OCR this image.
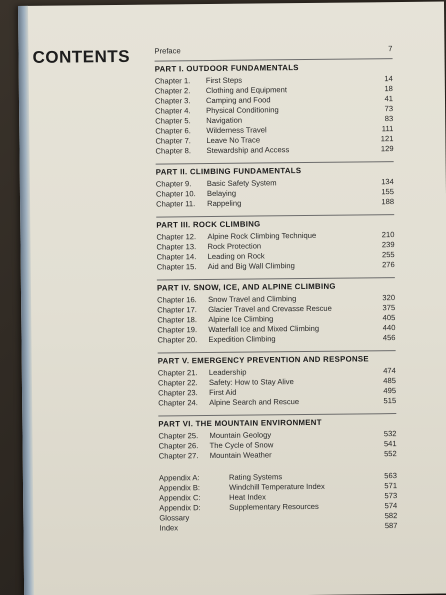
CONTENTS	Preface	7
PART I. OUTDOOR FUNDAMENTALS
Chapter 1.	First Steps	14
Chapter 2.	Clothing and Equipment	18
Chapter 3.	Camping and Food	41
Chapter 4.	Physical Conditioning	73
Chapter 5.	Navigation	83
Chapter 6.	Wilderness Travel	111
Chapter 7.	Leave No Trace	121
Chapter 8.	Stewardship and Access	129
PART II. CLIMBING FUNDAMENTALS
Chapter 9.	Basic Safety System	134
Chapter 10.	Belaying	155
Chapter 11.	Rappeling	188
PART III. ROCK CLIMBING
Chapter 12.	Alpine Rock Climbing Technique	210
Chapter 13.	Rock Protection	239
Chapter 14.	Leading on Rock	255
Chapter 15.	Aid and Big Wall Climbing	276
PART IV. SNOW, ICE, AND ALPINE CLIMBING
Chapter 16.	Snow Travel and Climbing	320
Chapter 17.	Glacier Travel and Crevasse Rescue	375
Chapter 18.	Alpine Ice Climbing	405
Chapter 19.	Waterfall Ice and Mixed Climbing	440
Chapter 20.	Expedition Climbing	456
PART V. EMERGENCY PREVENTION AND RESPONSE
Chapter 21.	Leadership	474
Chapter 22.	Safety: How to Stay Alive	485
Chapter 23.	First Aid	495
Chapter 24.	Alpine Search and Rescue	515
PART VI. THE MOUNTAIN ENVIRONMENT
Chapter 25.	Mountain Geology	532
Chapter 26.	The Cycle of Snow	541
Chapter 27.	Mountain Weather	552
Appendix A:	Rating Systems	563
Appendix B:	Windchill Temperature Index	571
Appendix C:	Heat Index	573
Appendix D:	Supplementary Resources	574
Glossary	582
Index	587
